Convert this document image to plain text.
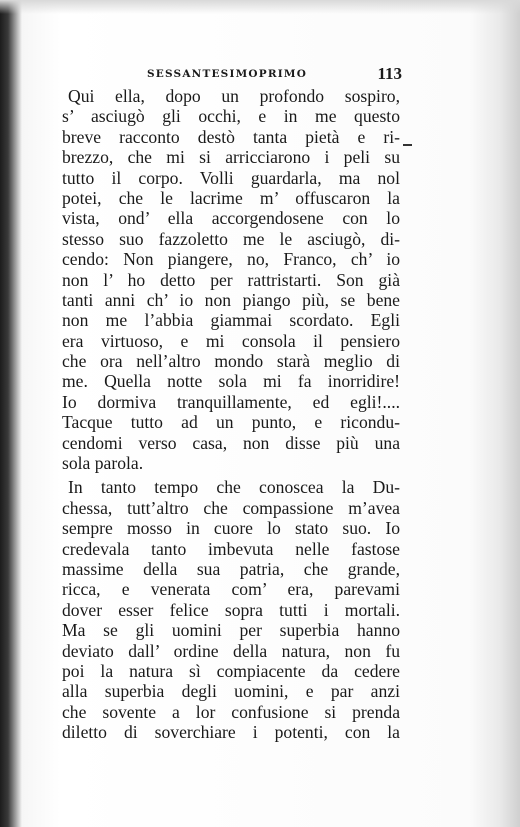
SESSANTESIMOPRIMO	113
Qui ella, dopo un profondo sospiro,
s’ asciugò gli occhi, e in me questo
breve racconto destò tanta pietà e ri-
brezzo, che mi si arricciarono i peli su
tutto il corpo. Volli guardarla, ma nol
potei, che le lacrime m’ offuscaron la
vista, ond’ ella accorgendosene con lo
stesso suo fazzoletto me le asciugò, di-
cendo: Non piangere, no, Franco, ch’ io
non l’ ho detto per rattristarti. Son già
tanti anni ch’ io non piango più, se bene
non me l’abbia giammai scordato. Egli
era virtuoso, e mi consola il pensiero
che ora nell’altro mondo starà meglio di
me. Quella notte sola mi fa inorridire!
Io dormiva tranquillamente, ed egli!....
Tacque tutto ad un punto, e ricondu-
cendomi verso casa, non disse più una
sola parola.
In tanto tempo che conoscea la Du-
chessa, tutt’altro che compassione m’avea
sempre mosso in cuore lo stato suo. Io
credevala tanto imbevuta nelle fastose
massime della sua patria, che grande,
ricca, e venerata com’ era, parevami
dover esser felice sopra tutti i mortali.
Ma se gli uomini per superbia hanno
deviato dall’ ordine della natura, non fu
poi la natura sì compiacente da cedere
alla superbia degli uomini, e par anzi
che sovente a lor confusione si prenda
diletto di soverchiare i potenti, con la
